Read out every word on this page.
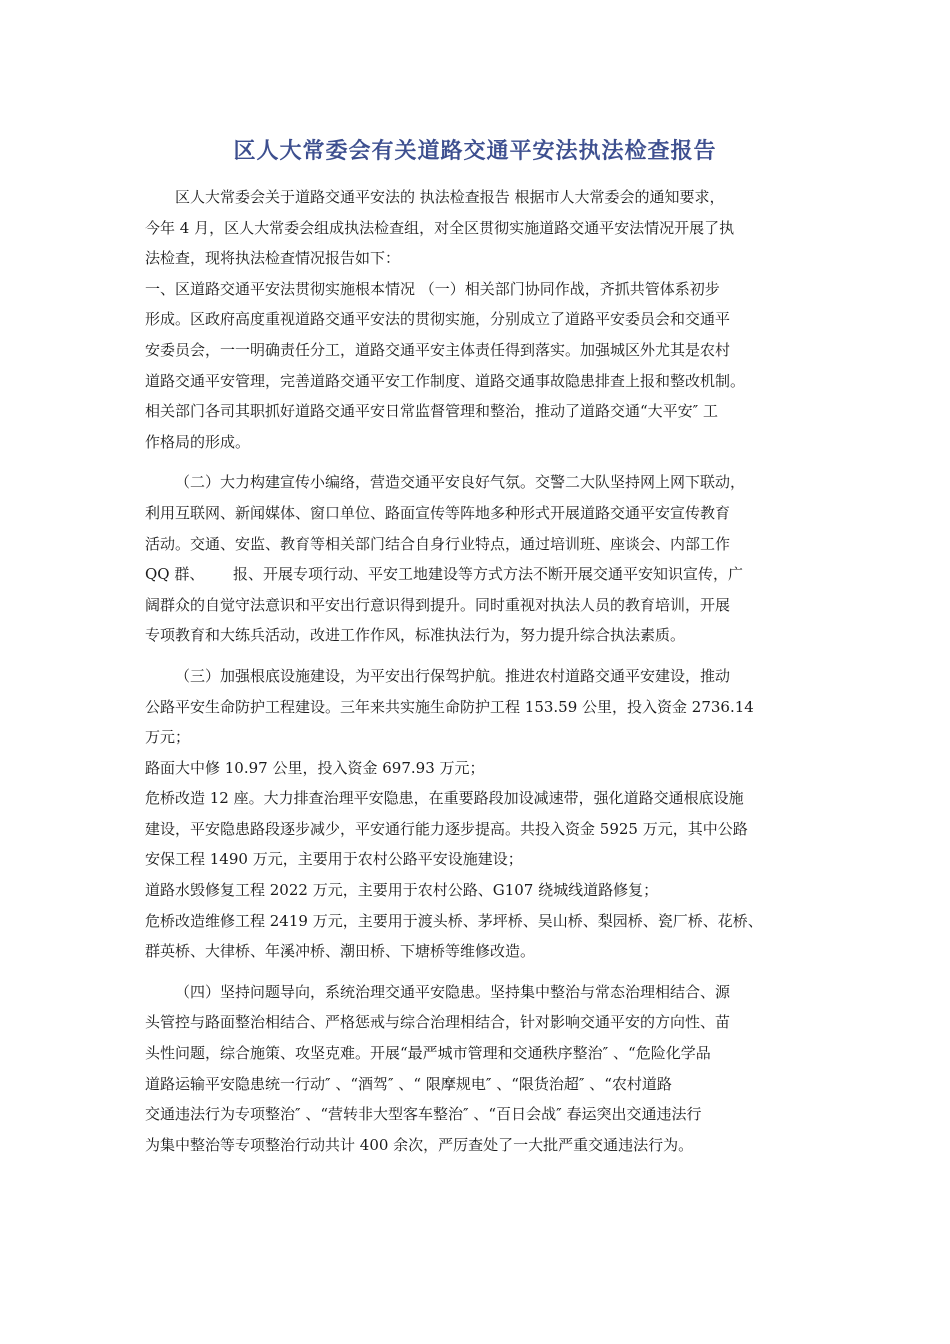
区人大常委会有关道路交通平安法执法检查报告

区人大常委会关于道路交通平安法的 执法检查报告 根据市人大常委会的通知要求，

今年 4 月，区人大常委会组成执法检查组，对全区贯彻实施道路交通平安法情况开展了执

法检查，现将执法检查情况报告如下：

一、区道路交通平安法贯彻实施根本情况 （一）相关部门协同作战，齐抓共管体系初步

形成。区政府高度重视道路交通平安法的贯彻实施，分别成立了道路平安委员会和交通平

安委员会，一一明确责任分工，道路交通平安主体责任得到落实。加强城区外尤其是农村

道路交通平安管理，完善道路交通平安工作制度、道路交通事故隐患排查上报和整改机制。

相关部门各司其职抓好道路交通平安日常监督管理和整治，推动了道路交通“大平安″ 工

作格局的形成。

（二）大力构建宣传小编络，营造交通平安良好气氛。交警二大队坚持网上网下联动，

利用互联网、新闻媒体、窗口单位、路面宣传等阵地多种形式开展道路交通平安宣传教育

活动。交通、安监、教育等相关部门结合自身行业特点，通过培训班、座谈会、内部工作

QQ 群、      报、开展专项行动、平安工地建设等方式方法不断开展交通平安知识宣传，广

阔群众的自觉守法意识和平安出行意识得到提升。同时重视对执法人员的教育培训，开展

专项教育和大练兵活动，改进工作作风，标准执法行为，努力提升综合执法素质。

（三）加强根底设施建设，为平安出行保驾护航。推进农村道路交通平安建设，推动

公路平安生命防护工程建设。三年来共实施生命防护工程 153.59 公里，投入资金 2736.14

万元；

路面大中修 10.97 公里，投入资金 697.93 万元；

危桥改造 12 座。大力排查治理平安隐患，在重要路段加设减速带，强化道路交通根底设施

建设，平安隐患路段逐步减少，平安通行能力逐步提高。共投入资金 5925 万元，其中公路

安保工程 1490 万元，主要用于农村公路平安设施建设；

道路水毁修复工程 2022 万元，主要用于农村公路、G107 绕城线道路修复；

危桥改造维修工程 2419 万元，主要用于渡头桥、茅坪桥、吴山桥、梨园桥、瓷厂桥、花桥、

群英桥、大律桥、年溪冲桥、潮田桥、下塘桥等维修改造。

（四）坚持问题导向，系统治理交通平安隐患。坚持集中整治与常态治理相结合、源

头管控与路面整治相结合、严格惩戒与综合治理相结合，针对影响交通平安的方向性、苗

头性问题，综合施策、攻坚克难。开展“最严城市管理和交通秩序整治″ 、“危险化学品

道路运输平安隐患统一行动″ 、“酒驾″ 、“ 限摩规电″ 、“限货治超″ 、“农村道路

交通违法行为专项整治″ 、“营转非大型客车整治″ 、“百日会战″ 春运突出交通违法行

为集中整治等专项整治行动共计 400 余次，严厉查处了一大批严重交通违法行为。
